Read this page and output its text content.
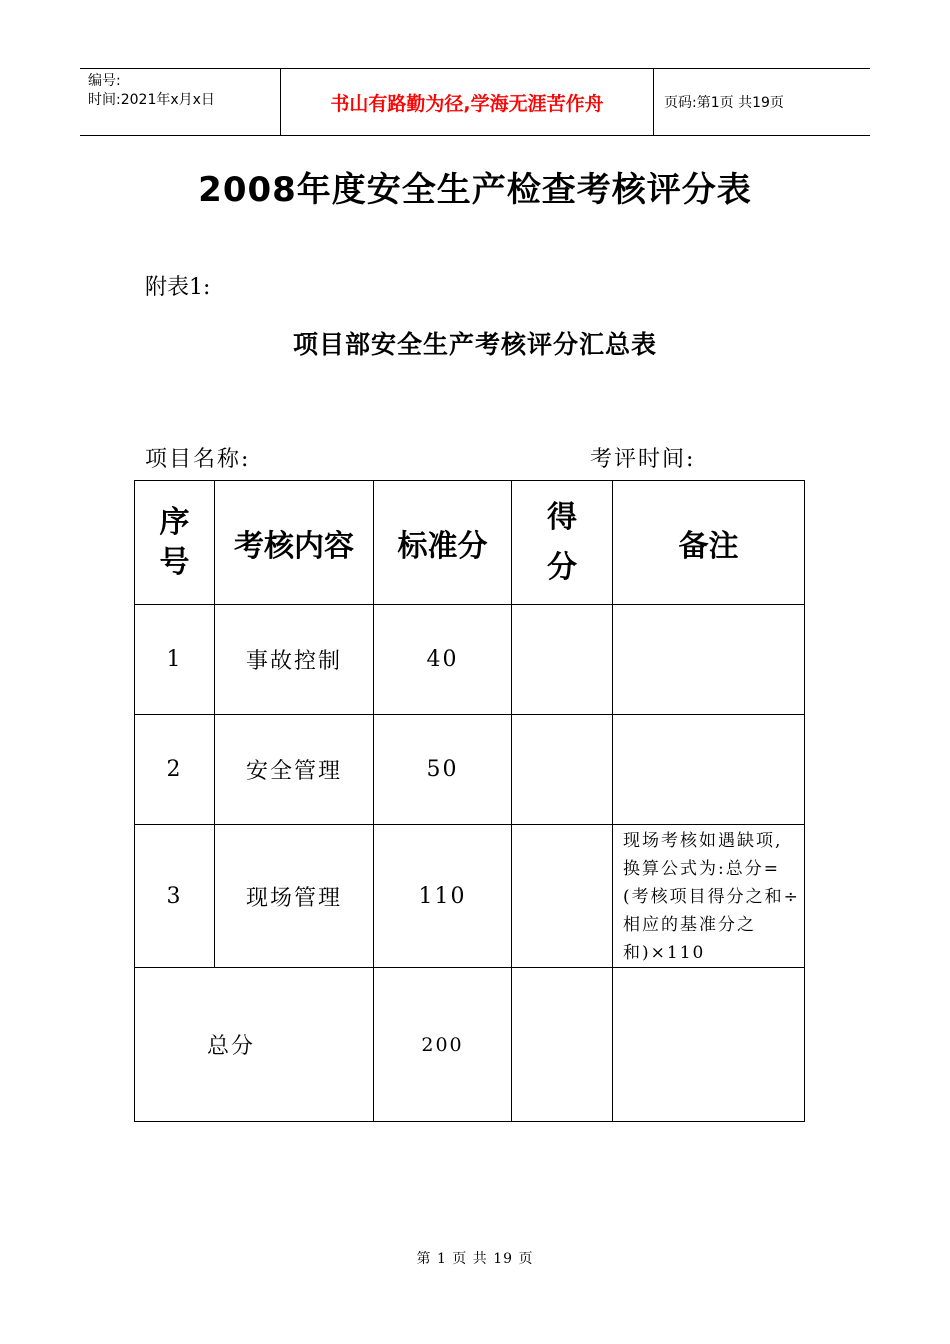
编号:
时间:2021年x月x日	书山有路勤为径,学海无涯苦作舟	页码:第1页 共19页
2008年度安全生产检查考核评分表
附表1:
项目部安全生产考核评分汇总表
项目名称:	考评时间:
序号	考核内容	标准分	得分	备注
1	事故控制	40		
2	安全管理	50		
3	现场管理	110		现场考核如遇缺项,换算公式为:总分=(考核项目得分之和÷相应的基准分之和)×110
总分		200		
第 1 页 共 19 页
